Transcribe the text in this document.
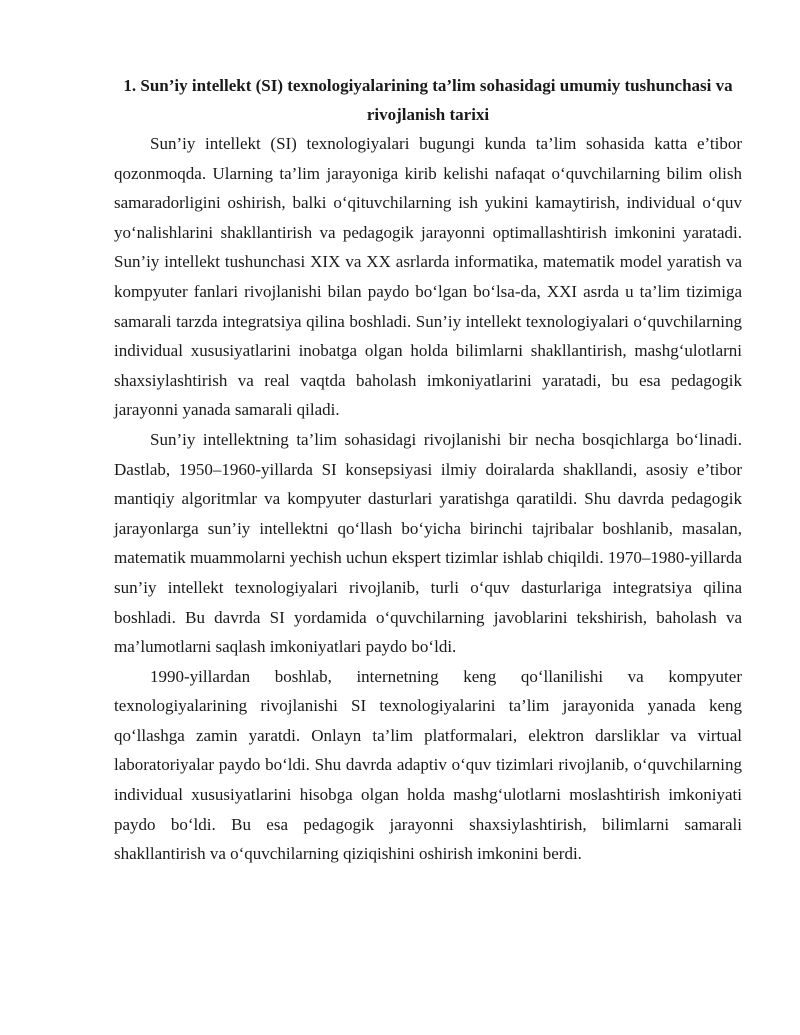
1. Sun’iy intellekt (SI) texnologiyalarining ta’lim sohasidagi umumiy tushunchasi va rivojlanish tarixi

Sun’iy intellekt (SI) texnologiyalari bugungi kunda ta’lim sohasida katta e’tibor qozonmoqda. Ularning ta’lim jarayoniga kirib kelishi nafaqat o‘quvchilarning bilim olish samaradorligini oshirish, balki o‘qituvchilarning ish yukini kamaytirish, individual o‘quv yo‘nalishlarini shakllantirish va pedagogik jarayonni optimallashtirish imkonini yaratadi. Sun’iy intellekt tushunchasi XIX va XX asrlarda informatika, matematik model yaratish va kompyuter fanlari rivojlanishi bilan paydo bo‘lgan bo‘lsa-da, XXI asrda u ta’lim tizimiga samarali tarzda integratsiya qilina boshladi. Sun’iy intellekt texnologiyalari o‘quvchilarning individual xususiyatlarini inobatga olgan holda bilimlarni shakllantirish, mashg‘ulotlarni shaxsiylashtirish va real vaqtda baholash imkoniyatlarini yaratadi, bu esa pedagogik jarayonni yanada samarali qiladi.

Sun’iy intellektning ta’lim sohasidagi rivojlanishi bir necha bosqichlarga bo‘linadi. Dastlab, 1950–1960-yillarda SI konsepsiyasi ilmiy doiralarda shakllandi, asosiy e’tibor mantiqiy algoritmlar va kompyuter dasturlari yaratishga qaratildi. Shu davrda pedagogik jarayonlarga sun’iy intellektni qo‘llash bo‘yicha birinchi tajribalar boshlanib, masalan, matematik muammolarni yechish uchun ekspert tizimlar ishlab chiqildi. 1970–1980-yillarda sun’iy intellekt texnologiyalari rivojlanib, turli o‘quv dasturlariga integratsiya qilina boshladi. Bu davrda SI yordamida o‘quvchilarning javoblarini tekshirish, baholash va ma’lumotlarni saqlash imkoniyatlari paydo bo‘ldi.

1990-yillardan boshlab, internetning keng qo‘llanilishi va kompyuter texnologiyalarining rivojlanishi SI texnologiyalarini ta’lim jarayonida yanada keng qo‘llashga zamin yaratdi. Onlayn ta’lim platformalari, elektron darsliklar va virtual laboratoriyalar paydo bo‘ldi. Shu davrda adaptiv o‘quv tizimlari rivojlanib, o‘quvchilarning individual xususiyatlarini hisobga olgan holda mashg‘ulotlarni moslashtirish imkoniyati paydo bo‘ldi. Bu esa pedagogik jarayonni shaxsiylashtirish, bilimlarni samarali shakllantirish va o‘quvchilarning qiziqishini oshirish imkonini berdi.
